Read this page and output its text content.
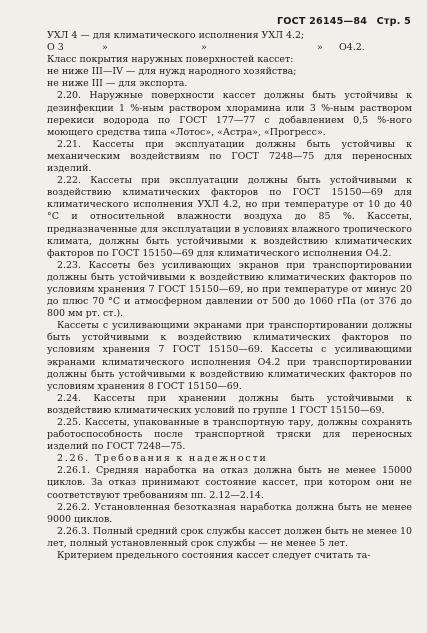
ГОСТ 26145—84 Стр. 5
УХЛ 4 — для климатического исполнения УХЛ 4.2;
О 3	»	»	» О4.2.
Класс покрытия наружных поверхностей кассет:
не ниже III—IV — для нужд народного хозяйства;
не ниже III — для экспорта.
2.20. Наружные поверхности кассет должны быть устойчивы к дезинфекции 1 %-ным раствором хлорамина или 3 %-ным раствором перекиси водорода по ГОСТ 177—77 с добавлением 0,5 %-ного моющего средства типа «Лотос», «Астра», «Прогресс».
2.21. Кассеты при эксплуатации должны быть устойчивы к механическим воздействиям по ГОСТ 7248—75 для переносных изделий.
2.22. Кассеты при эксплуатации должны быть устойчивыми к воздействию климатических факторов по ГОСТ 15150—69 для климатического исполнения УХЛ 4.2, но при температуре от 10 до 40 °С и относительной влажности воздуха до 85 %. Кассеты, предназначенные для эксплуатации в условиях влажного тропического климата, должны быть устойчивыми к воздействию климатических факторов по ГОСТ 15150—69 для климатического исполнения О4.2.
2.23. Кассеты без усиливающих экранов при транспортировании должны быть устойчивыми к воздействию климатических факторов по условиям хранения 7 ГОСТ 15150—69, но при температуре от минус 20 до плюс 70 °С и атмосферном давлении от 500 до 1060 гПа (от 376 до 800 мм рт. ст.).
Кассеты с усиливающими экранами при транспортировании должны быть устойчивыми к воздействию климатических факторов по условиям хранения 7 ГОСТ 15150—69. Кассеты с усиливающими экранами климатического исполнения О4.2 при транспортировании должны быть устойчивыми к воздействию климатических факторов по условиям хранения 8 ГОСТ 15150—69.
2.24. Кассеты при хранении должны быть устойчивыми к воздействию климатических условий по группе 1 ГОСТ 15150—69.
2.25. Кассеты, упакованные в транспортную тару, должны сохранять работоспособность после транспортной тряски для переносных изделий по ГОСТ 7248—75.
2.26. Требования к надежности
2.26.1. Средняя наработка на отказ должна быть не менее 15000 циклов. За отказ принимают состояние кассет, при котором они не соответствуют требованиям пп. 2.12—2.14.
2.26.2. Установленная безотказная наработка должна быть не менее 9000 циклов.
2.26.3. Полный средний срок службы кассет должен быть не менее 10 лет, полный установленный срок службы — не менее 5 лет.
Критерием предельного состояния кассет следует считать та-
